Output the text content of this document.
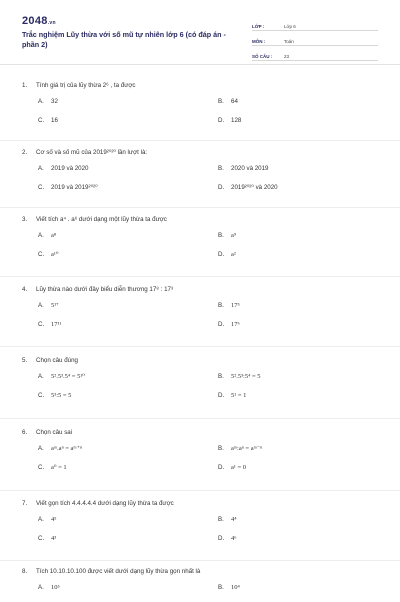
2048.vn
Trắc nghiệm Lũy thừa với số mũ tự nhiên lớp 6 (có đáp án - phần 2)
LỚP :	Lớp 6
MÔN :	Toán
SỐ CÂU :	23
1. Tính giá trị của lũy thừa 2⁶ , ta được
A. 32	B. 64
C. 16	D. 128
2. Cơ số và số mũ của 2019²⁰²⁰ lần lượt là:
A. 2019 và 2020	B. 2020 và 2019
C. 2019 và 2019²⁰²⁰	D. 2019²⁰²⁰ và 2020
3. Viết tích a⁴ . a⁶ dưới dạng một lũy thừa ta được
A. a⁸	B. a⁹
C. a¹⁰	D. a²
4. Lũy thừa nào dưới đây biểu diễn thương 17⁸ : 17³
A. 5¹⁷	B. 17⁵
C. 17¹¹	D. 17⁶
5. Chọn câu đúng
A. 5².5³.5⁴ = 5¹⁰	B. 5².5³:5⁴ = 5
C. 5³:5 = 5	D. 5¹ = 1
6. Chọn câu sai
A. aᵐ.aⁿ = aᵐ⁺ⁿ	B. aᵐ:aⁿ = aᵐ⁻ⁿ
C. a⁰ = 1	D. a¹ = 0
7. Viết gọn tích 4.4.4.4.4 dưới dạng lũy thừa ta được
A. 4⁵	B. 4⁴
C. 4³	D. 4⁶
8. Tích 10.10.10.100 được viết dưới dạng lũy thừa gọn nhất là
A. 10⁵	B. 10⁴
